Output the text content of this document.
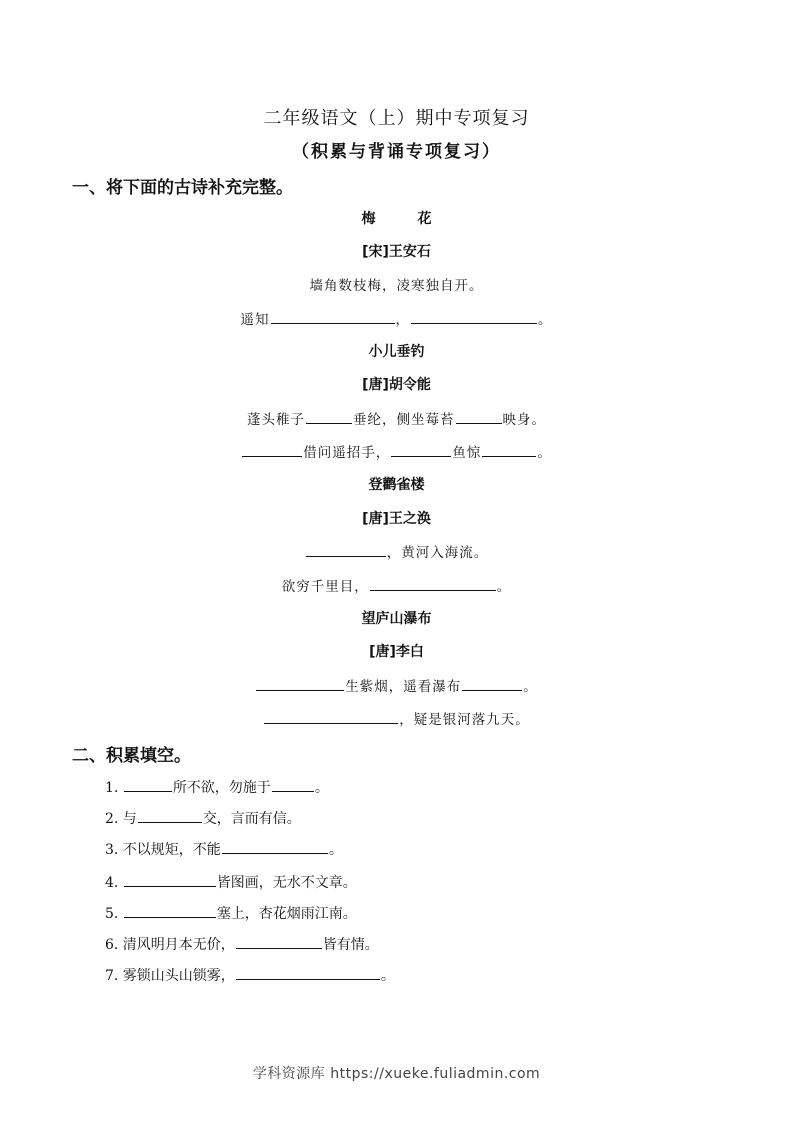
二年级语文（上）期中专项复习
（积累与背诵专项复习）
一、将下面的古诗补充完整。
梅　花
[宋]王安石
墙角数枝梅，凌寒独自开。
遥知	，	。
小儿垂钓
[唐]胡令能
蓬头稚子	垂纶，侧坐莓苔	映身。
借问遥招手，	鱼惊	。
登鹳雀楼
[唐]王之涣
，黄河入海流。
欲穷千里目，	。
望庐山瀑布
[唐]李白
生紫烟，遥看瀑布	。
，疑是银河落九天。
二、积累填空。
1.	所不欲，勿施于	。
2. 与	交，言而有信。
3. 不以规矩，不能	。
4.	皆图画，无水不文章。
5.	塞上，杏花烟雨江南。
6. 清风明月本无价，	皆有情。
7. 雾锁山头山锁雾，	。
学科资源库 https://xueke.fuliadmin.com
